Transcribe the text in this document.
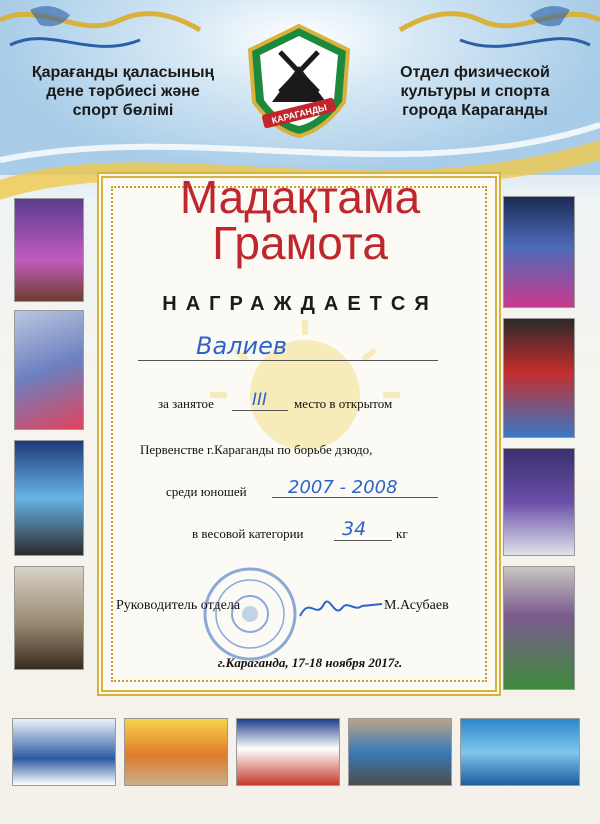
Қарағанды қаласының
дене тәрбиесі және
спорт бөлімі
Отдел физической
культуры и спорта
города Караганды
КАРАГАНДЫ
Мадақтама
Грамота
НАГРАЖДАЕТСЯ
Валиев
за занятое III место в открытом
Первенстве г.Караганды по борьбе дзюдо,
среди юношей 2007 - 2008
в весовой категории 34 кг
Руководитель отдела	М.Асубаев
г.Караганда, 17-18 ноября 2017г.
